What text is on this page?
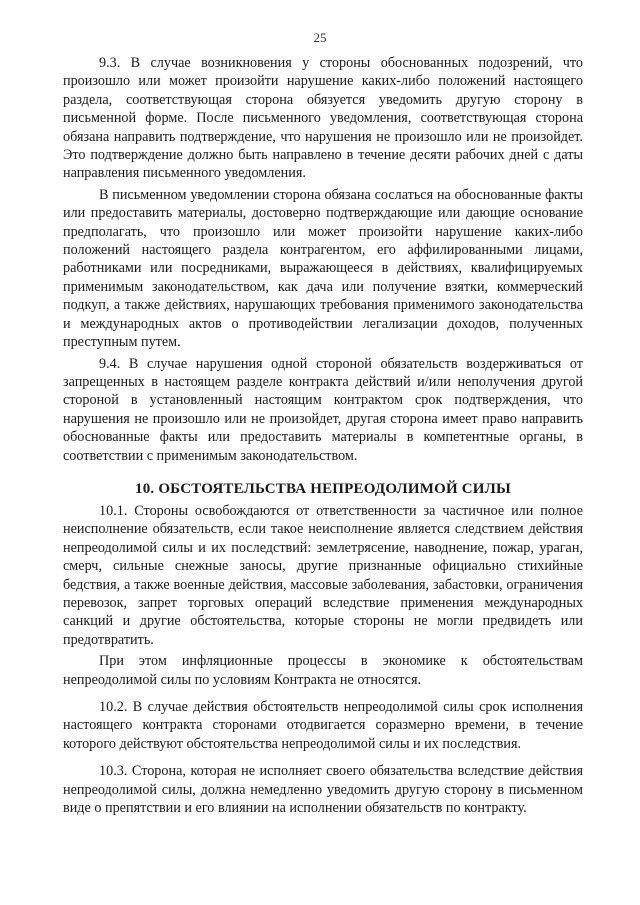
25

9.3. В случае возникновения у стороны обоснованных подозрений, что произошло или может произойти нарушение каких-либо положений настоящего раздела, соответствующая сторона обязуется уведомить другую сторону в письменной форме. После письменного уведомления, соответствующая сторона обязана направить подтверждение, что нарушения не произошло или не произойдет. Это подтверждение должно быть направлено в течение десяти рабочих дней с даты направления письменного уведомления.

В письменном уведомлении сторона обязана сослаться на обоснованные факты или предоставить материалы, достоверно подтверждающие или дающие основание предполагать, что произошло или может произойти нарушение каких-либо положений настоящего раздела контрагентом, его аффилированными лицами, работниками или посредниками, выражающееся в действиях, квалифицируемых применимым законодательством, как дача или получение взятки, коммерческий подкуп, а также действиях, нарушающих требования применимого законодательства и международных актов о противодействии легализации доходов, полученных преступным путем.

9.4. В случае нарушения одной стороной обязательств воздерживаться от запрещенных в настоящем разделе контракта действий и/или неполучения другой стороной в установленный настоящим контрактом срок подтверждения, что нарушения не произошло или не произойдет, другая сторона имеет право направить обоснованные факты или предоставить материалы в компетентные органы, в соответствии с применимым законодательством.

10. ОБСТОЯТЕЛЬСТВА НЕПРЕОДОЛИМОЙ СИЛЫ

10.1. Стороны освобождаются от ответственности за частичное или полное неисполнение обязательств, если такое неисполнение является следствием действия непреодолимой силы и их последствий: землетрясение, наводнение, пожар, ураган, смерч, сильные снежные заносы, другие признанные официально стихийные бедствия, а также военные действия, массовые заболевания, забастовки, ограничения перевозок, запрет торговых операций вследствие применения международных санкций и другие обстоятельства, которые стороны не могли предвидеть или предотвратить.

При этом инфляционные процессы в экономике к обстоятельствам непреодолимой силы по условиям Контракта не относятся.

10.2. В случае действия обстоятельств непреодолимой силы срок исполнения настоящего контракта сторонами отодвигается соразмерно времени, в течение которого действуют обстоятельства непреодолимой силы и их последствия.

10.3. Сторона, которая не исполняет своего обязательства вследствие действия непреодолимой силы, должна немедленно уведомить другую сторону в письменном виде о препятствии и его влиянии на исполнении обязательств по контракту.
